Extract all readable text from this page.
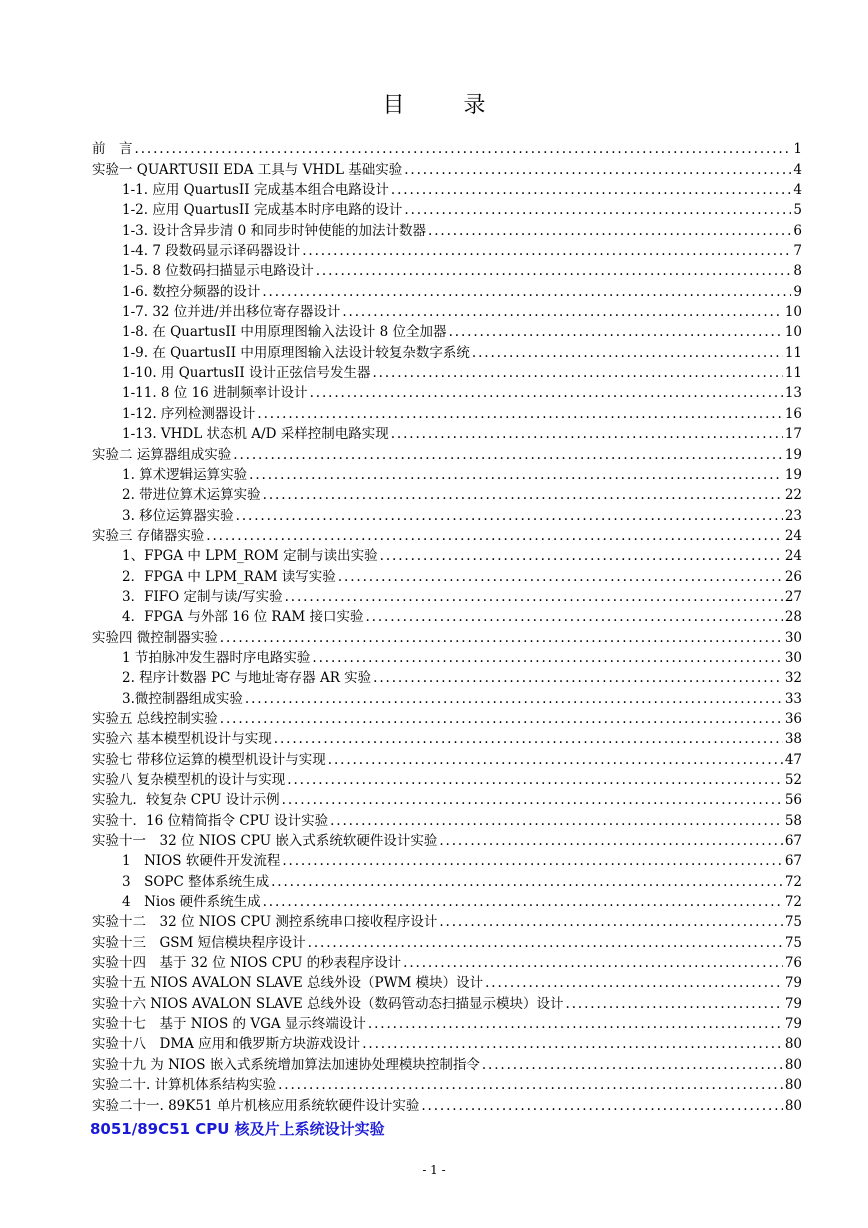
目 录
前　言 .....	1
实验一 QUARTUSII EDA 工具与 VHDL 基础实验 .....	4
1-1. 应用 QuartusII 完成基本组合电路设计 .....	4
1-2. 应用 QuartusII 完成基本时序电路的设计 .....	5
1-3. 设计含异步清 0 和同步时钟使能的加法计数器 .....	6
1-4. 7 段数码显示译码器设计 .....	7
1-5. 8 位数码扫描显示电路设计 .....	8
1-6. 数控分频器的设计 .....	9
1-7. 32 位并进/并出移位寄存器设计 .....	10
1-8. 在 QuartusII 中用原理图输入法设计 8 位全加器 .....	10
1-9. 在 QuartusII 中用原理图输入法设计较复杂数字系统 .....	11
1-10. 用 QuartusII 设计正弦信号发生器 .....	11
1-11. 8 位 16 进制频率计设计 .....	13
1-12. 序列检测器设计 .....	16
1-13. VHDL 状态机 A/D 采样控制电路实现 .....	17
实验二 运算器组成实验 .....	19
1. 算术逻辑运算实验 .....	19
2. 带进位算术运算实验 .....	22
3. 移位运算器实验 .....	23
实验三 存储器实验 .....	24
1、FPGA 中 LPM_ROM 定制与读出实验 .....	24
2．FPGA 中 LPM_RAM 读写实验 .....	26
3．FIFO 定制与读/写实验 .....	27
4．FPGA 与外部 16 位 RAM 接口实验 .....	28
实验四 微控制器实验 .....	30
1 节拍脉冲发生器时序电路实验 .....	30
2. 程序计数器 PC 与地址寄存器 AR 实验 .....	32
3.微控制器组成实验 .....	33
实验五 总线控制实验 .....	36
实验六 基本模型机设计与实现 .....	38
实验七 带移位运算的模型机设计与实现 .....	47
实验八 复杂模型机的设计与实现 .....	52
实验九．较复杂 CPU 设计示例 .....	56
实验十．16 位精简指令 CPU 设计实验 .....	58
实验十一　32 位 NIOS CPU 嵌入式系统软硬件设计实验 .....	67
1　NIOS 软硬件开发流程 .....	67
3　SOPC 整体系统生成 .....	72
4　Nios 硬件系统生成 .....	72
实验十二　32 位 NIOS CPU 测控系统串口接收程序设计 .....	75
实验十三　GSM 短信模块程序设计 .....	75
实验十四　基于 32 位 NIOS CPU 的秒表程序设计 .....	76
实验十五 NIOS AVALON SLAVE 总线外设（PWM 模块）设计 .....	79
实验十六 NIOS AVALON SLAVE 总线外设（数码管动态扫描显示模块）设计 .....	79
实验十七　基于 NIOS 的 VGA 显示终端设计 .....	79
实验十八　DMA 应用和俄罗斯方块游戏设计 .....	80
实验十九 为 NIOS 嵌入式系统增加算法加速协处理模块控制指令 .....	80
实验二十. 计算机体系结构实验 .....	80
实验二十一. 89K51 单片机核应用系统软硬件设计实验 .....	80
8051/89C51 CPU 核及片上系统设计实验
- 1 -
